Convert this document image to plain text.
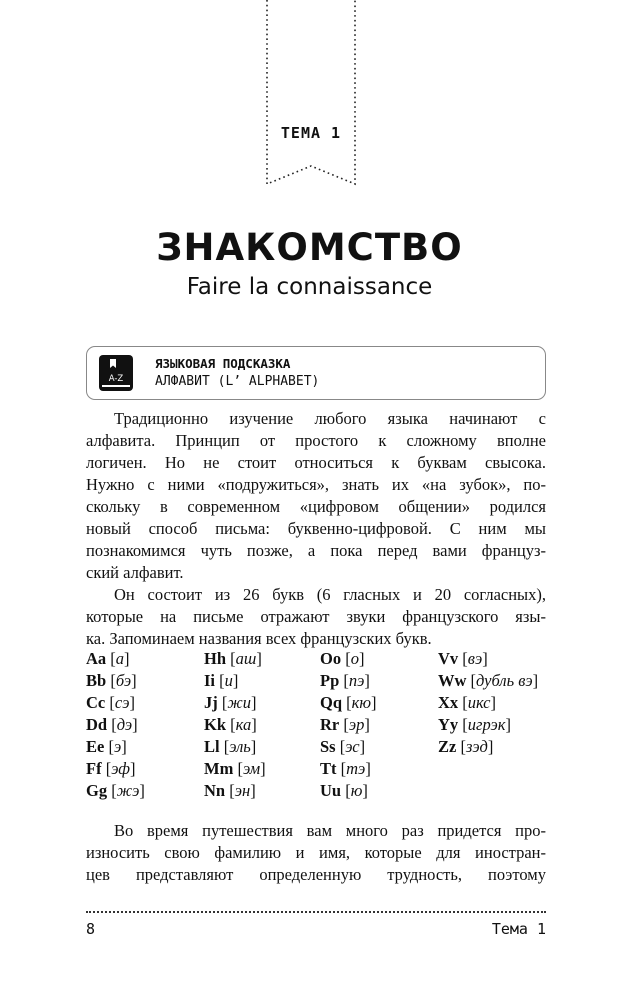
ТЕМА 1
ЗНАКОМСТВО
Faire la connaissance
A-Z
ЯЗЫКОВАЯ ПОДСКАЗКА
АЛФАВИТ (L’ ALPHABET)
Традиционно изучение любого языка начинают с
алфавита. Принцип от простого к сложному вполне
логичен. Но не стоит относиться к буквам свысока.
Нужно с ними «подружиться», знать их «на зубок», по-
скольку в современном «цифровом общении» родился
новый способ письма: буквенно-цифровой. С ним мы
познакомимся чуть позже, а пока перед вами француз-
ский алфавит.
Он состоит из 26 букв (6 гласных и 20 согласных),
которые на письме отражают звуки французского язы-
ка. Запоминаем названия всех французских букв.
Aa [а]
Bb [бэ]
Cc [сэ]
Dd [дэ]
Ee [э]
Ff [эф]
Gg [жэ]
Hh [аш]
Ii [и]
Jj [жи]
Kk [ка]
Ll [эль]
Mm [эм]
Nn [эн]
Oo [о]
Pp [пэ]
Qq [кю]
Rr [эр]
Ss [эс]
Tt [тэ]
Uu [ю]
Vv [вэ]
Ww [дубль вэ]
Xx [икс]
Yy [игрэк]
Zz [зэд]
Во время путешествия вам много раз придется про-
износить свою фамилию и имя, которые для иностран-
цев представляют определенную трудность, поэтому
8	Тема 1
